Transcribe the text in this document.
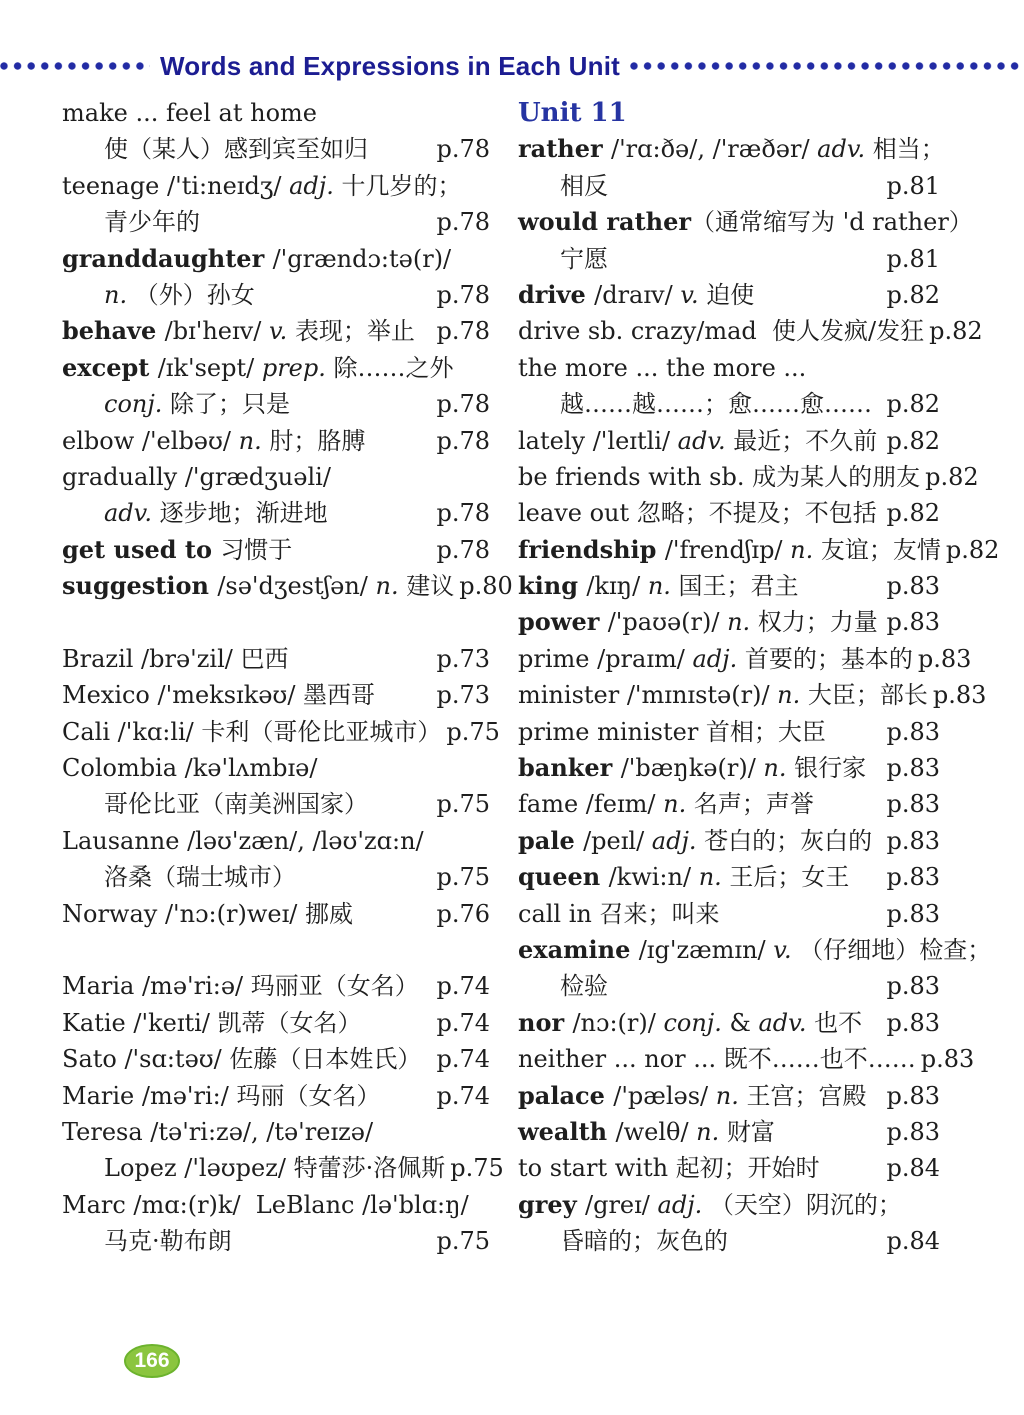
Words and Expressions in Each Unit
make ... feel at home
使（某人）感到宾至如归	p.78
teenage /'ti:neɪdʒ/ adj. 十几岁的；
青少年的	p.78
granddaughter /'grændɔ:tə(r)/
n. （外）孙女	p.78
behave /bɪ'heɪv/ v. 表现；举止 p.78
except /ɪk'sept/ prep. 除……之外
conj. 除了；只是	p.78
elbow /'elbəʊ/ n. 肘；胳膊	p.78
gradually /'grædʒuəli/
adv. 逐步地；渐进地	p.78
get used to 习惯于	p.78
suggestion /sə'dʒestʃən/ n. 建议 p.80
Brazil /brə'zil/ 巴西	p.73
Mexico /'meksɪkəʊ/ 墨西哥	p.73
Cali /'kɑ:li/ 卡利（哥伦比亚城市） p.75
Colombia /kə'lʌmbɪə/
哥伦比亚（南美洲国家）	p.75
Lausanne /ləʊ'zæn/, /ləʊ'zɑ:n/
洛桑（瑞士城市）	p.75
Norway /'nɔ:(r)weɪ/ 挪威	p.76
Maria /mə'ri:ə/ 玛丽亚（女名） p.74
Katie /'keɪti/ 凯蒂（女名）	p.74
Sato /'sɑ:təʊ/ 佐藤（日本姓氏） p.74
Marie /mə'ri:/ 玛丽（女名） p.74
Teresa /tə'ri:zə/, /tə'reɪzə/
Lopez /'ləʊpez/ 特蕾莎·洛佩斯 p.75
Marc /mɑ:(r)k/  LeBlanc /lə'blɑ:ŋ/
马克·勒布朗	p.75
Unit 11
rather /'rɑ:ðə/, /'ræðər/ adv. 相当；
相反	p.81
would rather（通常缩写为 'd rather）
宁愿	p.81
drive /draɪv/ v. 迫使	p.82
drive sb. crazy/mad  使人发疯/发狂 p.82
the more ... the more ...
越……越……；愈……愈…… p.82
lately /'leɪtli/ adv. 最近；不久前 p.82
be friends with sb. 成为某人的朋友 p.82
leave out 忽略；不提及；不包括 p.82
friendship /'frendʃɪp/ n. 友谊；友情 p.82
king /kɪŋ/ n. 国王；君主	p.83
power /'paʊə(r)/ n. 权力；力量 p.83
prime /praɪm/ adj. 首要的；基本的 p.83
minister /'mɪnɪstə(r)/ n. 大臣；部长 p.83
prime minister 首相；大臣	p.83
banker /'bæŋkə(r)/ n. 银行家 p.83
fame /feɪm/ n. 名声；声誉	p.83
pale /peɪl/ adj. 苍白的；灰白的 p.83
queen /kwi:n/ n. 王后；女王 p.83
call in 召来；叫来	p.83
examine /ɪg'zæmɪn/ v. （仔细地）检查；
检验	p.83
nor /nɔ:(r)/ conj. & adv. 也不 p.83
neither ... nor ... 既不……也不…… p.83
palace /'pæləs/ n. 王宫；宫殿 p.83
wealth /welθ/ n. 财富	p.83
to start with 起初；开始时	p.84
grey /greɪ/ adj. （天空）阴沉的；
昏暗的；灰色的	p.84
166
